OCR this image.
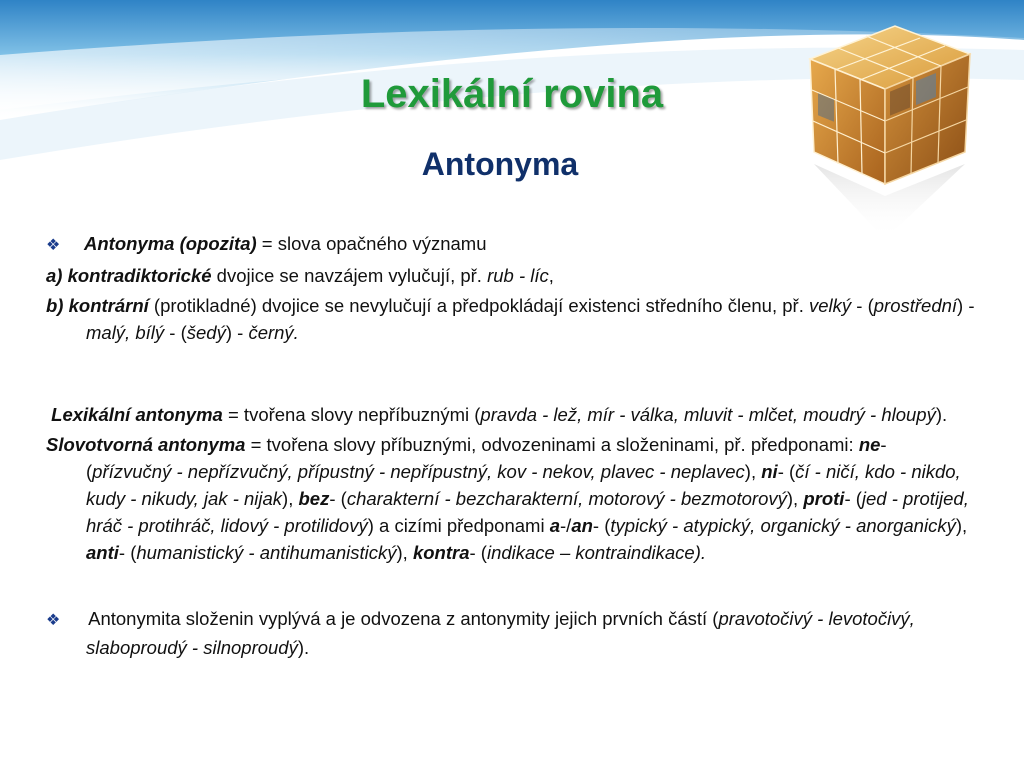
Lexikální rovina
Antonyma

❖ Antonyma (opozita) = slova opačného významu

a) kontradiktorické dvojice se navzájem vylučují, př. rub - líc,

b) kontrární (protikladné) dvojice se nevylučují a předpokládají existenci středního členu, př. velký - (prostřední) - malý, bílý - (šedý) - černý.

Lexikální antonyma = tvořena slovy nepříbuznými (pravda - lež, mír - válka, mluvit - mlčet, moudrý - hloupý).

Slovotvorná antonyma = tvořena slovy příbuznými, odvozeninami a složeninami, př. předponami: ne- (přízvučný - nepřízvučný, přípustný - nepřípustný, kov - nekov, plavec - neplavec), ni- (čí - ničí, kdo - nikdo, kudy - nikudy, jak - nijak), bez- (charakterní - bezcharakterní, motorový - bezmotorový), proti- (jed - protijed, hráč - protihráč, lidový - protilidový) a cizími předponami a-/an- (typický - atypický, organický - anorganický), anti- (humanistický - antihumanistický), kontra- (indikace – kontraindikace).

❖ Antonymita složenin vyplývá a je odvozena z antonymity jejich prvních částí (pravotočivý - levotočivý, slaboproudý - silnoproudý).
